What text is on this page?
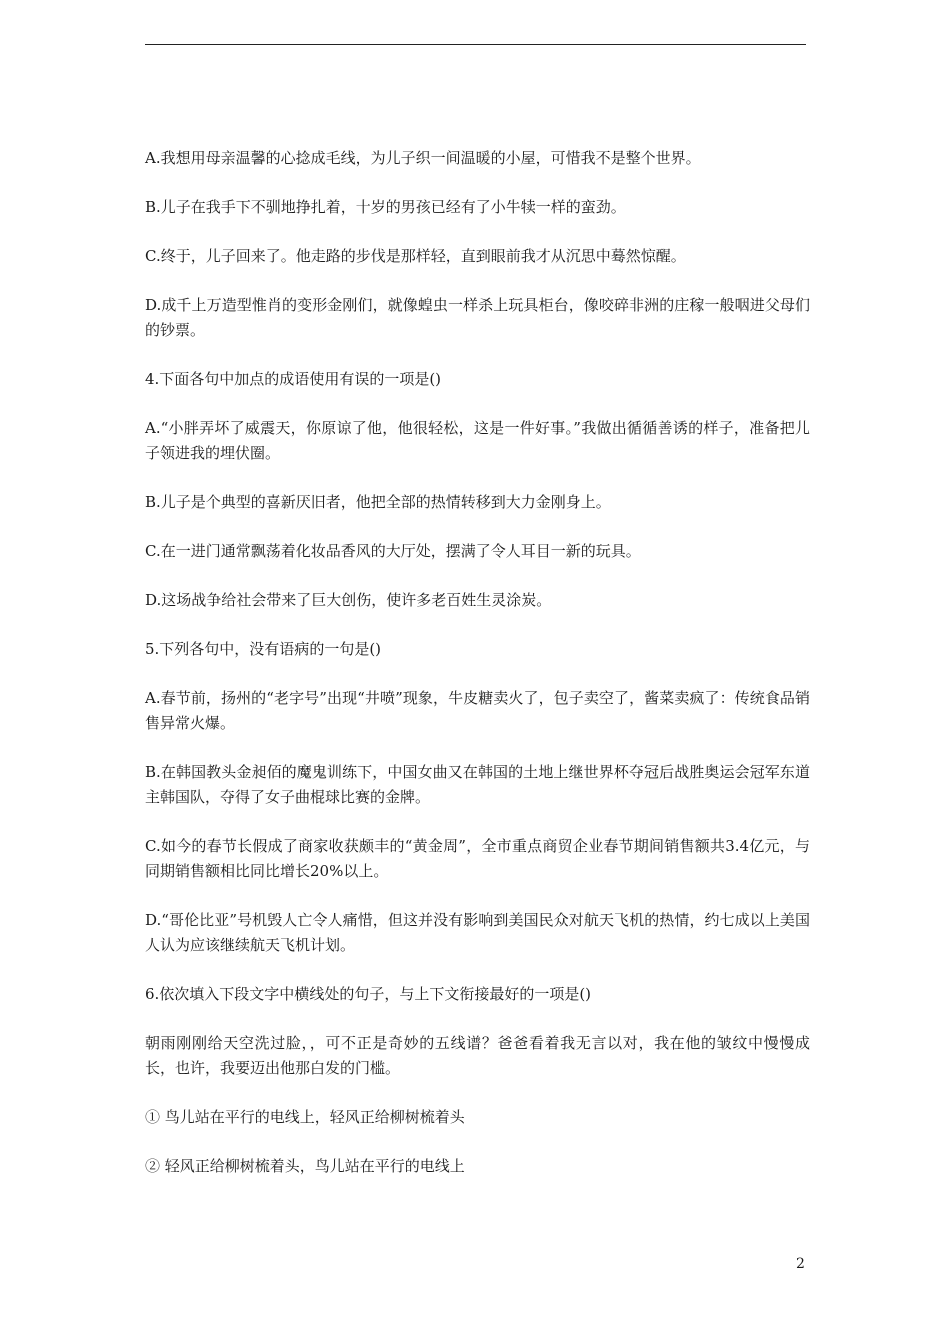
A.我想用母亲温馨的心捻成毛线，为儿子织一间温暖的小屋，可惜我不是整个世界。

B.儿子在我手下不驯地挣扎着，十岁的男孩已经有了小牛犊一样的蛮劲。

C.终于，儿子回来了。他走路的步伐是那样轻，直到眼前我才从沉思中蓦然惊醒。

D.成千上万造型惟肖的变形金刚们，就像蝗虫一样杀上玩具柜台，像咬碎非洲的庄稼一般咽进父母们的钞票。

4.下面各句中加点的成语使用有误的一项是()

A.“小胖弄坏了威震天，你原谅了他，他很轻松，这是一件好事。”我做出循循善诱的样子，准备把儿子领进我的埋伏圈。

B.儿子是个典型的喜新厌旧者，他把全部的热情转移到大力金刚身上。

C.在一进门通常飘荡着化妆品香风的大厅处，摆满了令人耳目一新的玩具。

D.这场战争给社会带来了巨大创伤，使许多老百姓生灵涂炭。

5.下列各句中，没有语病的一句是()

A.春节前，扬州的“老字号”出现“井喷”现象，牛皮糖卖火了，包子卖空了，酱菜卖疯了：传统食品销售异常火爆。

B.在韩国教头金昶佰的魔鬼训练下，中国女曲又在韩国的土地上继世界杯夺冠后战胜奥运会冠军东道主韩国队，夺得了女子曲棍球比赛的金牌。

C.如今的春节长假成了商家收获颇丰的“黄金周”，全市重点商贸企业春节期间销售额共3.4亿元，与同期销售额相比同比增长20%以上。

D.“哥伦比亚”号机毁人亡令人痛惜，但这并没有影响到美国民众对航天飞机的热情，约七成以上美国人认为应该继续航天飞机计划。

6.依次填入下段文字中横线处的句子，与上下文衔接最好的一项是()

朝雨刚刚给天空洗过脸，，可不正是奇妙的五线谱？爸爸看着我无言以对，我在他的皱纹中慢慢成长，也许，我要迈出他那白发的门槛。

① 鸟儿站在平行的电线上，轻风正给柳树梳着头

② 轻风正给柳树梳着头，鸟儿站在平行的电线上

2
